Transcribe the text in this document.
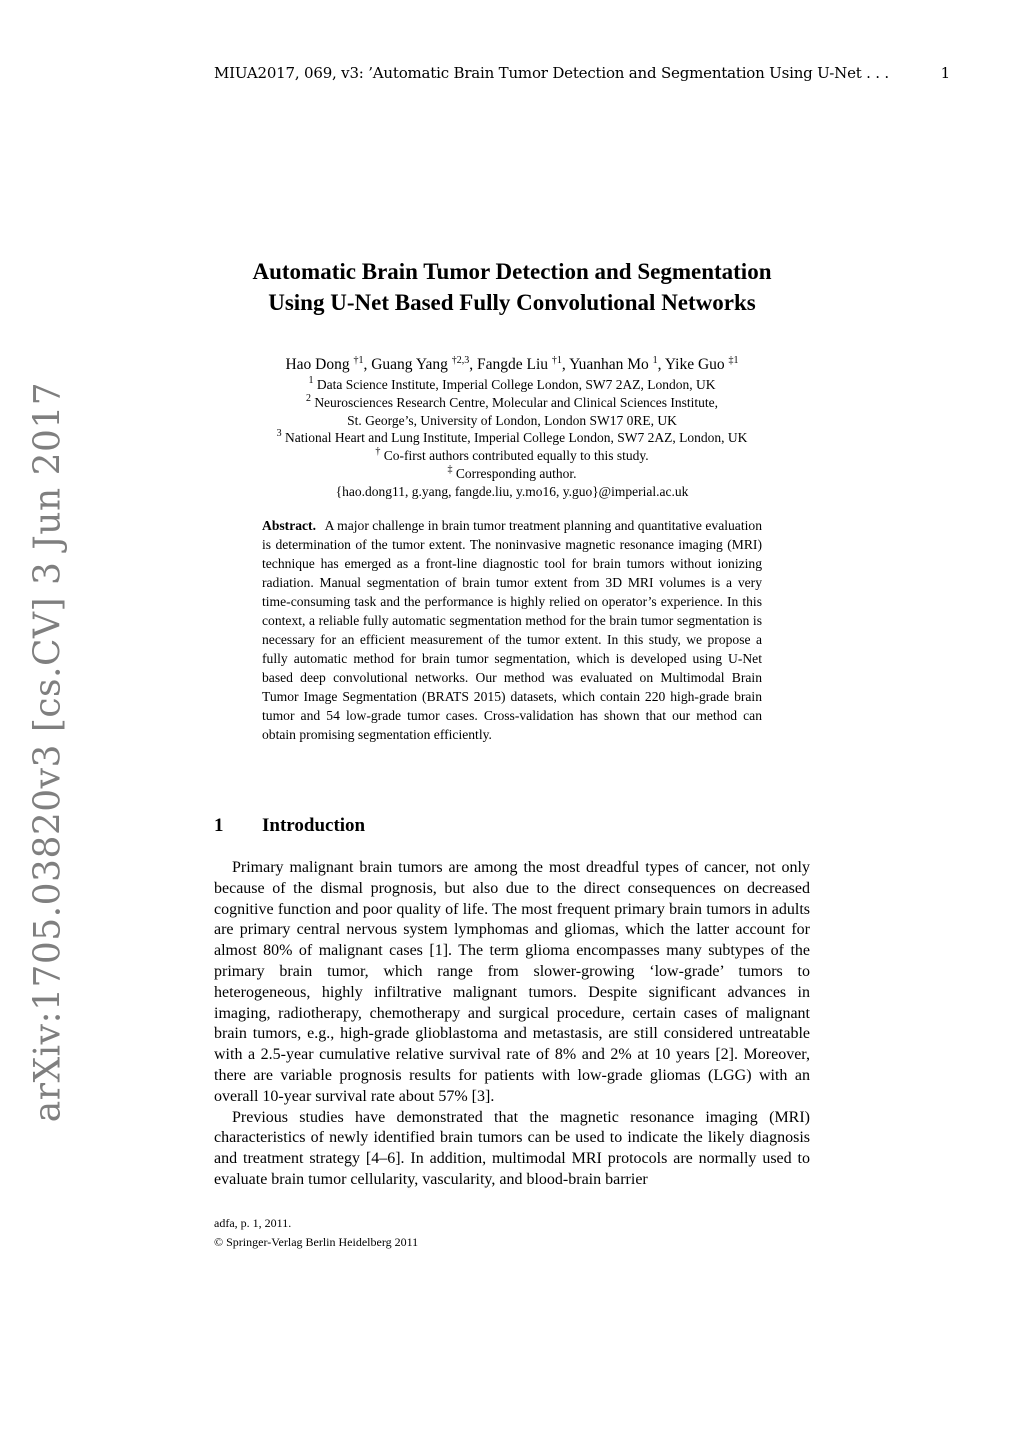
MIUA2017, 069, v3: ’Automatic Brain Tumor Detection and Segmentation Using U-Net . . .	1
arXiv:1705.03820v3 [cs.CV] 3 Jun 2017
Automatic Brain Tumor Detection and Segmentation
Using U-Net Based Fully Convolutional Networks
Hao Dong $^{\dagger 1}$, Guang Yang $^{\dagger 2,3}$, Fangde Liu $^{\dagger 1}$, Yuanhan Mo $^1$, Yike Guo $^{\ddagger 1}$
$^1$ Data Science Institute, Imperial College London, SW7 2AZ, London, UK
$^2$ Neurosciences Research Centre, Molecular and Clinical Sciences Institute,
St. George’s, University of London, London SW17 0RE, UK
$^3$ National Heart and Lung Institute, Imperial College London, SW7 2AZ, London, UK
† Co-first authors contributed equally to this study.
‡ Corresponding author.
{hao.dong11, g.yang, fangde.liu, y.mo16, y.guo}@imperial.ac.uk
Abstract. A major challenge in brain tumor treatment planning and quantitative evaluation is determination of the tumor extent. The noninvasive magnetic resonance imaging (MRI) technique has emerged as a front-line diagnostic tool for brain tumors without ionizing radiation. Manual segmentation of brain tumor extent from 3D MRI volumes is a very time-consuming task and the performance is highly relied on operator’s experience. In this context, a reliable fully automatic segmentation method for the brain tumor segmentation is necessary for an efficient measurement of the tumor extent. In this study, we propose a fully automatic method for brain tumor segmentation, which is developed using U-Net based deep convolutional networks. Our method was evaluated on Multimodal Brain Tumor Image Segmentation (BRATS 2015) datasets, which contain 220 high-grade brain tumor and 54 low-grade tumor cases. Cross-validation has shown that our method can obtain promising segmentation efficiently.
1 Introduction

Primary malignant brain tumors are among the most dreadful types of cancer, not only because of the dismal prognosis, but also due to the direct consequences on decreased cognitive function and poor quality of life. The most frequent primary brain tumors in adults are primary central nervous system lymphomas and gliomas, which the latter account for almost 80% of malignant cases [1]. The term glioma encompasses many subtypes of the primary brain tumor, which range from slower-growing ‘low-grade’ tumors to heterogeneous, highly infiltrative malignant tumors. Despite significant advances in imaging, radiotherapy, chemotherapy and surgical procedure, certain cases of malignant brain tumors, e.g., high-grade glioblastoma and metastasis, are still considered untreatable with a 2.5-year cumulative relative survival rate of 8% and 2% at 10 years [2]. Moreover, there are variable prognosis results for patients with low-grade gliomas (LGG) with an overall 10-year survival rate about 57% [3].

Previous studies have demonstrated that the magnetic resonance imaging (MRI) characteristics of newly identified brain tumors can be used to indicate the likely diagnosis and treatment strategy [4–6]. In addition, multimodal MRI protocols are normally used to evaluate brain tumor cellularity, vascularity, and blood-brain barrier

adfa, p. 1, 2011.
© Springer-Verlag Berlin Heidelberg 2011
